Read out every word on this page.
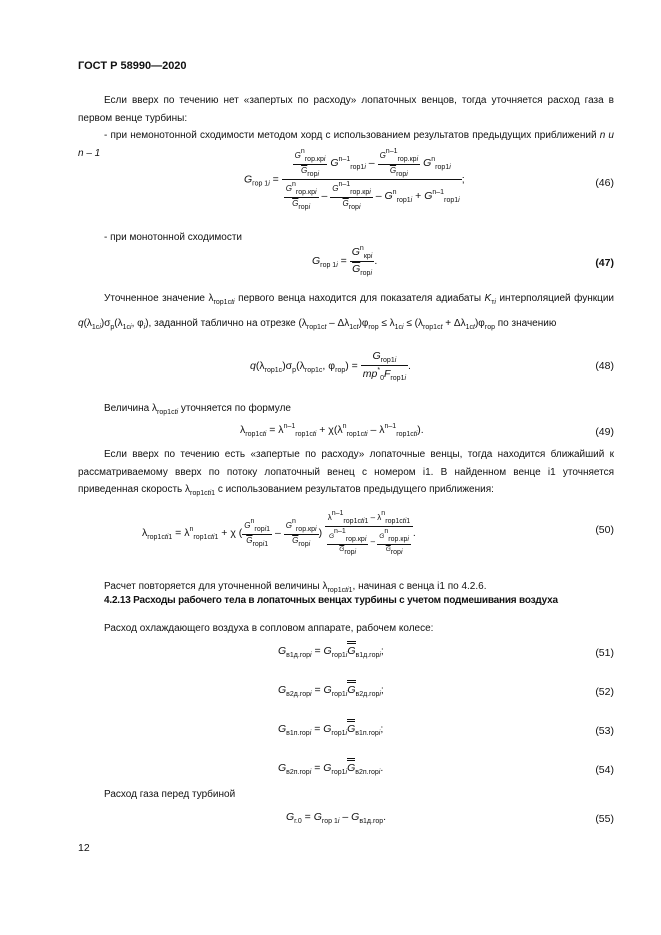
ГОСТ Р 58990—2020
Если вверх по течению нет «запертых по расходу» лопаточных венцов, тогда уточняется расход газа в первом венце турбины:
- при немонотонной сходимости методом хорд с использованием результатов предыдущих приближений n и n – 1
$G_{гор 1i}$ =
$\frac{\text{Gnгор.крi}}{\overline{G}горi} G^{n-1}_{гор1i} - \frac{\text{Gn–1гор.крi}}{\overline{G}горi} G^n_{гор1i}$
$\frac{\text{Gnгор.крi}}{\overline{G}горi} - \frac{\text{Gn–1гор.крi}}{\overline{G}горi} - G^n_{гор1i} + G^{n-1}_{гор1i}$
;	(46)
- при монотонной сходимости
$G_{гор 1i} = \frac{G^n_{крi}}{\overline{G}_{горi}}$ .	(47)
Уточненное значение $\lambda_{гор1сti}$ первого венца находится для показателя адиабаты $K_{тi}$ интерполяцией функции $q(\lambda_{1сi})\sigma_р(\lambda_{1сi}$, $\varphi_i$), заданной таблично на отрезке $(\lambda_{гор1сt} - \Delta\lambda_{1сt})\varphi_{гор} \le \lambda_{1сi} \le (\lambda_{гор1сt} + \Delta\lambda_{1сt})\varphi_{гор}$ по значению
$q(\lambda_{гор1с})\sigma_р(\lambda_{гор1с}$, $\varphi_{гор}) = \frac{G_{гор1i}}{mp^*_0F_{гор1i}}$ .	(48)
Величина $\lambda_{гор1сti}$ уточняется по формуле
$\lambda_{гор1сti} = \lambda^{n-1}_{гор1сti} + \chi(\lambda^n_{гор1сti} - \lambda^{n-1}_{гор1сti})$.	(49)
Если вверх по течению есть «запертые по расходу» лопаточные венцы, тогда находится ближайший к рассматриваемому вверх по потоку лопаточный венец с номером i1. В найденном венце i1 уточняется приведенная скорость $\lambda_{гор1сti1}$ с использованием результатов предыдущего приближения:
$\lambda_{гор1сti1} = \lambda^n_{гор1сti1} + \chi$ ( $\frac{\text{Gnгорi1}}{\overline{G}горi1} - \frac{\text{Gnгор.крi}}{\overline{G}горi}$ ) $\frac{\text{λn–1гор1сti1 – λnгор1сti1}}{\frac{\text{Gn–1гор.крi}}{\overline{G}горi} - \frac{\text{Gnгор.крi}}{\overline{G}горi}}$ .	(50)
Расчет повторяется для уточненной величины $\lambda_{гор1сti1}$, начиная с венца i1 по 4.2.6.
4.2.13 Расходы рабочего тела в лопаточных венцах турбины с учетом подмешивания воздуха
Расход охлаждающего воздуха в сопловом аппарате, рабочем колесе:
$G_{в1д.горi} = G_{гор1i}G_{в1д.горi}$;	(51)
$G_{в2д.горi} = G_{гор1i}G_{в2д.горi}$;	(52)
$G_{в1п.горi} = G_{гор1i}G_{в1п.горi}$;	(53)
$G_{в2п.горi} = G_{гор1i}G_{в2п.горi}$.	(54)
Расход газа перед турбиной
$G_{г.0} = G_{гор 1i} - G_{в1д.гор}$.	(55)
12
